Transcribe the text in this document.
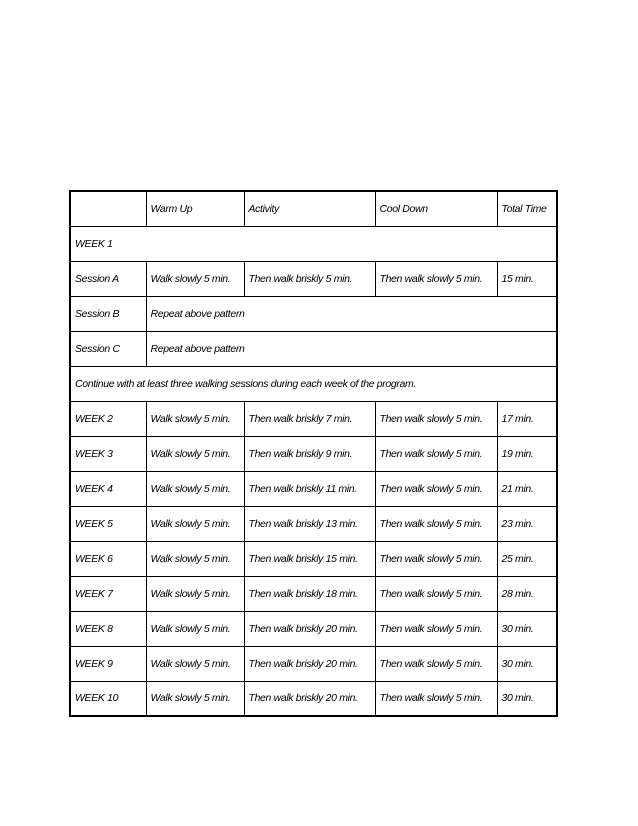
	Warm Up	Activity	Cool Down	Total Time
WEEK 1				
Session A	Walk slowly 5 min.	Then walk briskly 5 min.	Then walk slowly 5 min.	15 min.
Session B	Repeat above pattern			
Session C	Repeat above pattern			
Continue with at least three walking sessions during each week of the program.				
WEEK 2	Walk slowly 5 min.	Then walk briskly 7 min.	Then walk slowly 5 min.	17 min.
WEEK 3	Walk slowly 5 min.	Then walk briskly 9 min.	Then walk slowly 5 min.	19 min.
WEEK 4	Walk slowly 5 min.	Then walk briskly 11 min.	Then walk slowly 5 min.	21 min.
WEEK 5	Walk slowly 5 min.	Then walk briskly 13 min.	Then walk slowly 5 min.	23 min.
WEEK 6	Walk slowly 5 min.	Then walk briskly 15 min.	Then walk slowly 5 min.	25 min.
WEEK 7	Walk slowly 5 min.	Then walk briskly 18 min.	Then walk slowly 5 min.	28 min.
WEEK 8	Walk slowly 5 min.	Then walk briskly 20 min.	Then walk slowly 5 min.	30 min.
WEEK 9	Walk slowly 5 min.	Then walk briskly 20 min.	Then walk slowly 5 min.	30 min.
WEEK 10	Walk slowly 5 min.	Then walk briskly 20 min.	Then walk slowly 5 min.	30 min.
